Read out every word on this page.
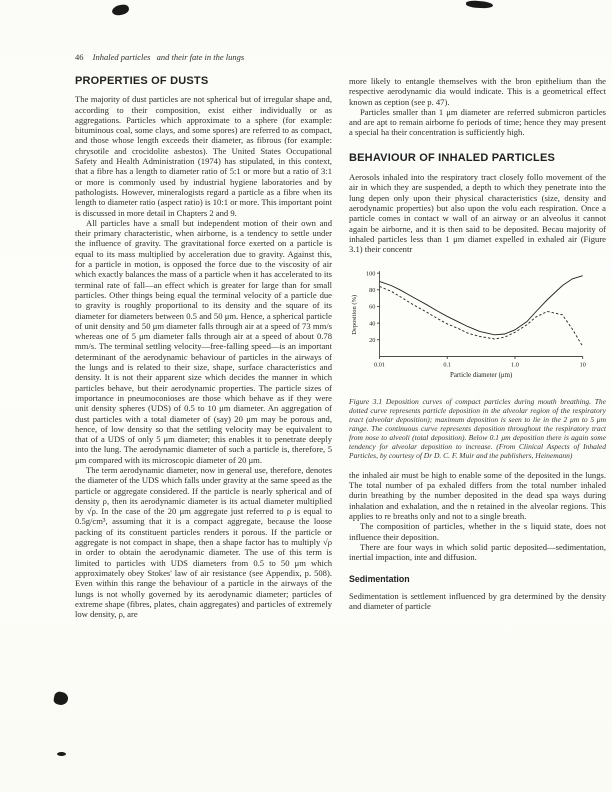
46 Inhaled particles and their fate in the lungs
PROPERTIES OF DUSTS

The majority of dust particles are not spherical but of irregular shape and, according to their composition, exist either individually or as aggregations. Particles which approximate to a sphere (for example: bituminous coal, some clays, and some spores) are referred to as compact, and those whose length exceeds their diameter, as fibrous (for example: chrysotile and crocidolite asbestos). The United States Occupational Safety and Health Administration (1974) has stipulated, in this context, that a fibre has a length to diameter ratio of 5:1 or more but a ratio of 3:1 or more is commonly used by industrial hygiene laboratories and by pathologists. However, mineralogists regard a particle as a fibre when its length to diameter ratio (aspect ratio) is 10:1 or more. This important point is discussed in more detail in Chapters 2 and 9.

All particles have a small but independent motion of their own and their primary characteristic, when airborne, is a tendency to settle under the influence of gravity. The gravitational force exerted on a particle is equal to its mass multiplied by acceleration due to gravity. Against this, for a particle in motion, is opposed the force due to the viscosity of air which exactly balances the mass of a particle when it has accelerated to its terminal rate of fall—an effect which is greater for large than for small particles. Other things being equal the terminal velocity of a particle due to gravity is roughly proportional to its density and the square of its diameter for diameters between 0.5 and 50 μm. Hence, a spherical particle of unit density and 50 μm diameter falls through air at a speed of 73 mm/s whereas one of 5 μm diameter falls through air at a speed of about 0.78 mm/s. The terminal settling velocity—free-falling speed—is an important determinant of the aerodynamic behaviour of particles in the airways of the lungs and is related to their size, shape, surface characteristics and density. It is not their apparent size which decides the manner in which particles behave, but their aerodynamic properties. The particle sizes of importance in pneumoconioses are those which behave as if they were unit density spheres (UDS) of 0.5 to 10 μm diameter. An aggregation of dust particles with a total diameter of (say) 20 μm may be porous and, hence, of low density so that the settling velocity may be equivalent to that of a UDS of only 5 μm diameter; this enables it to penetrate deeply into the lung. The aerodynamic diameter of such a particle is, therefore, 5 μm compared with its microscopic diameter of 20 μm.

The term aerodynamic diameter, now in general use, therefore, denotes the diameter of the UDS which falls under gravity at the same speed as the particle or aggregate considered. If the particle is nearly spherical and of density ρ, then its aerodynamic diameter is its actual diameter multiplied by √ρ. In the case of the 20 μm aggregate just referred to ρ is equal to 0.5g/cm³, assuming that it is a compact aggregate, because the loose packing of its constituent particles renders it porous. If the particle or aggregate is not compact in shape, then a shape factor has to multiply √ρ in order to obtain the aerodynamic diameter. The use of this term is limited to particles with UDS diameters from 0.5 to 50 μm which approximately obey Stokes' law of air resistance (see Appendix, p. 508). Even within this range the behaviour of a particle in the airways of the lungs is not wholly governed by its aerodynamic diameter; particles of extreme shape (fibres, plates, chain aggregates) and particles of extremely low density, ρ, are

more likely to entangle themselves with the bron epithelium than the respective aerodynamic dia would indicate. This is a geometrical effect known as ception (see p. 47).

Particles smaller than 1 μm diameter are referred submicron particles and are apt to remain airborne fo periods of time; hence they may present a special ha their concentration is sufficiently high.

BEHAVIOUR OF INHALED PARTICLES

Aerosols inhaled into the respiratory tract closely follo movement of the air in which they are suspended, a depth to which they penetrate into the lung depen only upon their physical characteristics (size, density and aerodynamic properties) but also upon the volu each respiration. Once a particle comes in contact w wall of an airway or an alveolus it cannot again be airborne, and it is then said to be deposited. Becau majority of inhaled particles less than 1 μm diamet expelled in exhaled air (Figure 3.1) their concentr

20
40
60
80
100
0.01	0.1	1.0	10
Deposition (%)
Particle diameter (μm)
Figure 3.1 Deposition curves of compact particles during mouth breathing. The dotted curve represents particle deposition in the alveolar region of the respiratory tract (alveolar deposition); maximum deposition is seen to lie in the 2 μm to 5 μm range. The continuous curve represents deposition throughout the respiratory tract from nose to alveoli (total deposition). Below 0.1 μm deposition there is again some tendency for alveolar deposition to increase. (From Clinical Aspects of Inhaled Particles, by courtesy of Dr D. C. F. Muir and the publishers, Heinemann)

the inhaled air must be high to enable some of the deposited in the lungs. The total number of pa exhaled differs from the total number inhaled durin breathing by the number deposited in the dead spa ways during inhalation and exhalation, and the n retained in the alveolar regions. This applies to re breaths only and not to a single breath.

The composition of particles, whether in the s liquid state, does not influence their deposition.

There are four ways in which solid partic deposited—sedimentation, inertial impaction, inte and diffusion.

Sedimentation

Sedimentation is settlement influenced by gra determined by the density and diameter of particle
